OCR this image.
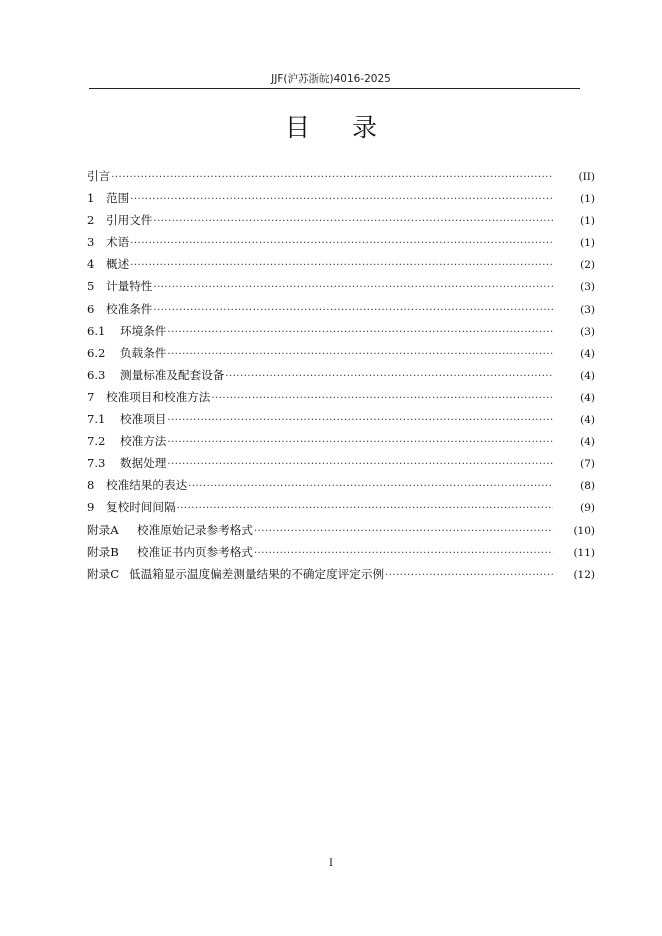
JJF(沪苏浙皖)4016-2025
目 录
引言 ·····	(II)
1	范围 ·····	(1)
2	引用文件 ·····	(1)
3	术语 ·····	(1)
4	概述 ·····	(2)
5	计量特性 ·····	(3)
6	校准条件 ·····	(3)
6.1	环境条件 ·····	(3)
6.2	负载条件 ·····	(4)
6.3	测量标准及配套设备 ·····	(4)
7	校准项目和校准方法 ·····	(4)
7.1	校准项目 ·····	(4)
7.2	校准方法 ·····	(4)
7.3	数据处理 ·····	(7)
8	校准结果的表达 ·····	(8)
9	复校时间间隔 ·····	(9)
附录A	校准原始记录参考格式 ·····	(10)
附录B	校准证书内页参考格式 ·····	(11)
附录C 低温箱显示温度偏差测量结果的不确定度评定示例 ·····	(12)
I
